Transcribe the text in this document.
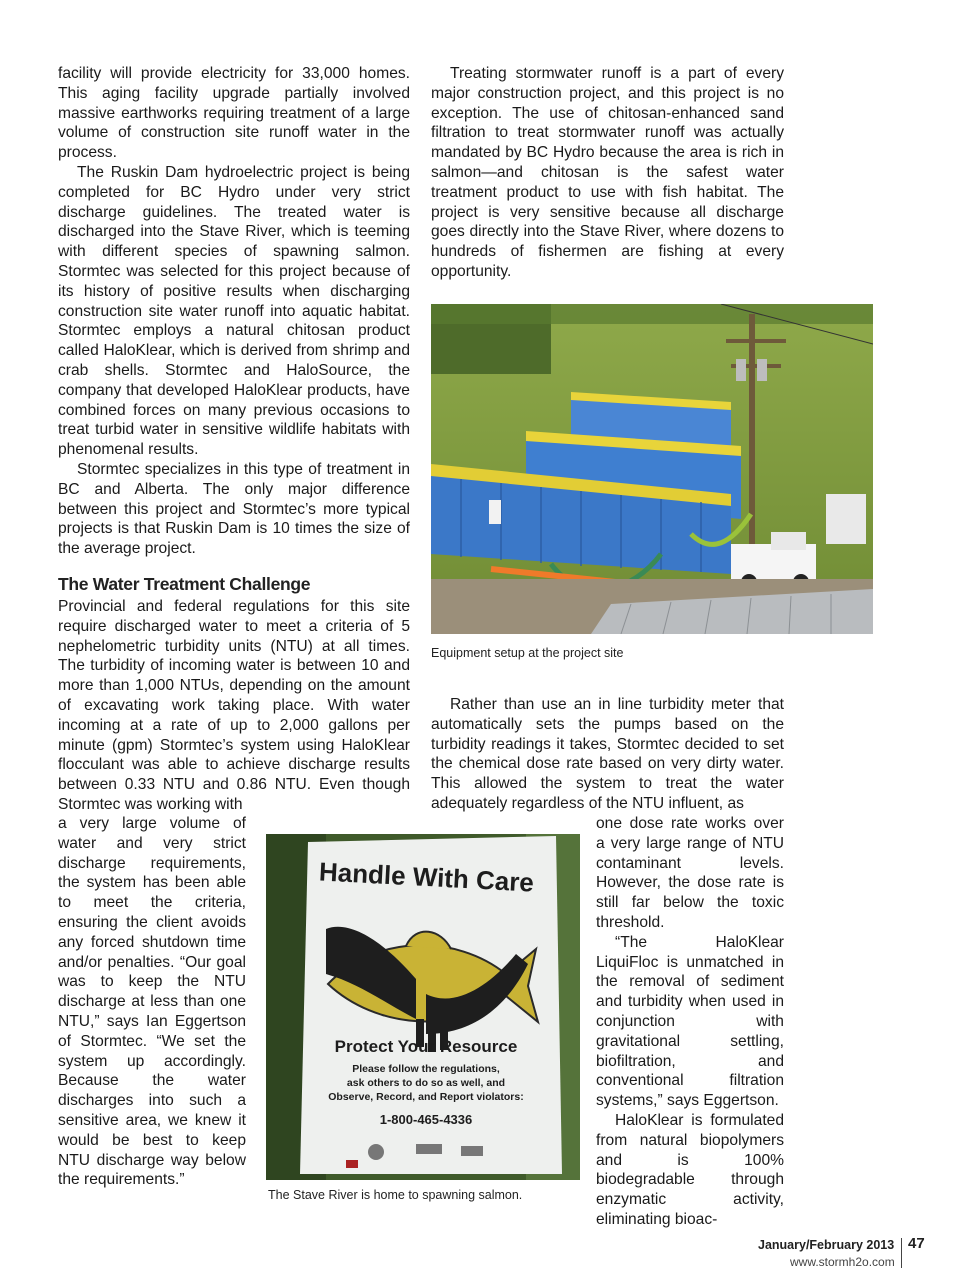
facility will provide electricity for 33,000 homes. This aging facility upgrade partially involved massive earthworks requiring treatment of a large volume of construction site runoff water in the process.

The Ruskin Dam hydroelectric project is being completed for BC Hydro under very strict discharge guidelines. The treated water is discharged into the Stave River, which is teeming with different species of spawning salmon. Stormtec was selected for this project because of its history of positive results when discharging construction site water runoff into aquatic habitat. Stormtec employs a natural chitosan product called HaloKlear, which is derived from shrimp and crab shells. Stormtec and HaloSource, the company that developed HaloKlear products, have combined forces on many previous occasions to treat turbid water in sensitive wildlife habitats with phenomenal results.

Stormtec specializes in this type of treatment in BC and Alberta. The only major difference between this project and Stormtec’s more typical projects is that Ruskin Dam is 10 times the size of the average project.

The Water Treatment Challenge

Provincial and federal regulations for this site require discharged water to meet a criteria of 5 nephelometric turbidity units (NTU) at all times. The turbidity of incoming water is between 10 and more than 1,000 NTUs, depending on the amount of excavating work taking place. With water incoming at a rate of up to 2,000 gallons per minute (gpm) Stormtec’s system using HaloKlear flocculant was able to achieve discharge results between 0.33 NTU and 0.86 NTU. Even though Stormtec was working with

a very large volume of water and very strict discharge requirements, the system has been able to meet the criteria, ensuring the client avoids any forced shutdown time and/or penalties. “Our goal was to keep the NTU discharge at less than one NTU,” says Ian Eggertson of Stormtec. “We set the system up accordingly. Because the water discharges into such a sensitive area, we knew it would be best to keep NTU discharge way below the requirements.”

Treating stormwater runoff is a part of every major construction project, and this project is no exception. The use of chitosan-enhanced sand filtration to treat stormwater runoff was actually mandated by BC Hydro because the area is rich in salmon—and chitosan is the safest water treatment product to use with fish habitat. The project is very sensitive because all discharge goes directly into the Stave River, where dozens to hundreds of fishermen are fishing at every opportunity.

Equipment setup at the project site

Rather than use an in line turbidity meter that automatically sets the pumps based on the turbidity readings it takes, Stormtec decided to set the chemical dose rate based on very dirty water. This allowed the system to treat the water adequately regardless of the NTU influent, as

Handle With Care
Protect Your Resource
Please follow the regulations,
ask others to do so as well, and
Observe, Record, and Report violators:
1-800-465-4336

The Stave River is home to spawning salmon.

one dose rate works over a very large range of NTU contaminant levels. However, the dose rate is still far below the toxic threshold.

“The HaloKlear LiquiFloc is unmatched in the removal of sediment and turbidity when used in conjunction with gravitational settling, biofiltration, and conventional filtration systems,” says Eggertson.

HaloKlear is formulated from natural biopolymers and is 100% biodegradable through enzymatic activity, eliminating bioac-

January/February 2013 47
www.stormh2o.com
